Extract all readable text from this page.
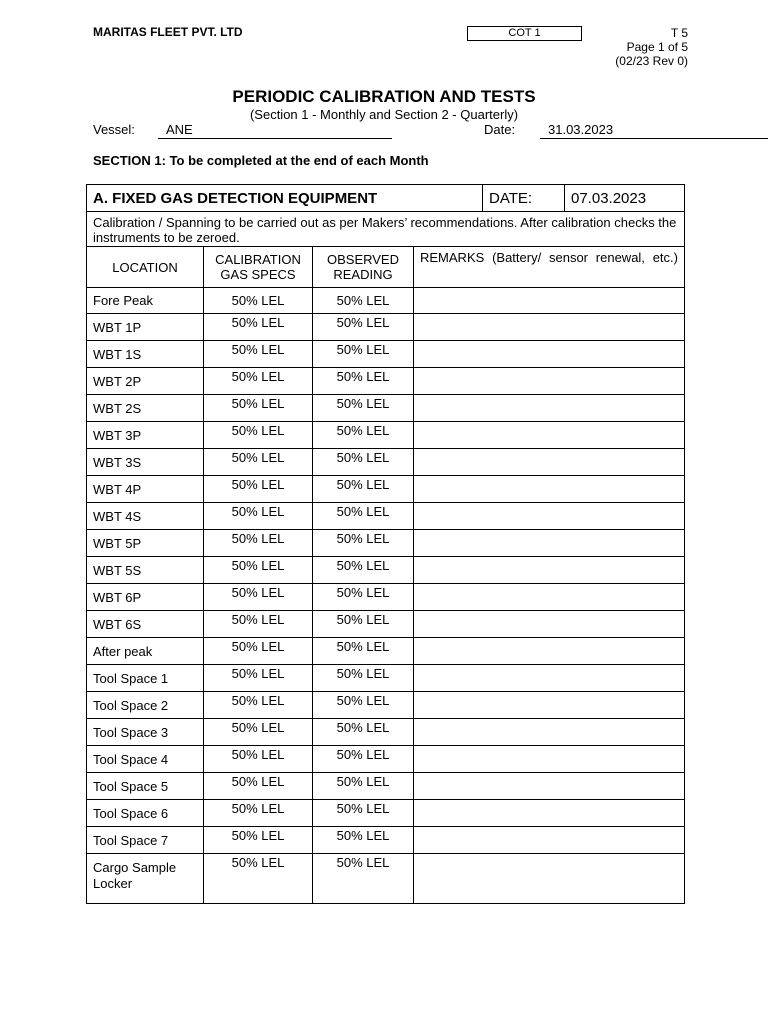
MARITAS FLEET PVT. LTD	COT 1	T 5
Page 1 of 5
(02/23 Rev 0)
PERIODIC CALIBRATION AND TESTS
(Section 1 - Monthly and Section 2 - Quarterly)
Vessel:	ANE	Date:	31.03.2023
SECTION 1: To be completed at the end of each Month
A. FIXED GAS DETECTION EQUIPMENT				DATE:	07.03.2023
Calibration / Spanning to be carried out as per Makers’ recommendations. After calibration checks the instruments to be zeroed.					
LOCATION	CALIBRATION GAS SPECS	OBSERVED READING	REMARKS (Battery/ sensor renewal, etc.)		
Fore Peak	50% LEL	50% LEL			
WBT 1P	50% LEL	50% LEL			
WBT 1S	50% LEL	50% LEL			
WBT 2P	50% LEL	50% LEL			
WBT 2S	50% LEL	50% LEL			
WBT 3P	50% LEL	50% LEL			
WBT 3S	50% LEL	50% LEL			
WBT 4P	50% LEL	50% LEL			
WBT 4S	50% LEL	50% LEL			
WBT 5P	50% LEL	50% LEL			
WBT 5S	50% LEL	50% LEL			
WBT 6P	50% LEL	50% LEL			
WBT 6S	50% LEL	50% LEL			
After peak	50% LEL	50% LEL			
Tool Space 1	50% LEL	50% LEL			
Tool Space 2	50% LEL	50% LEL			
Tool Space 3	50% LEL	50% LEL			
Tool Space 4	50% LEL	50% LEL			
Tool Space 5	50% LEL	50% LEL			
Tool Space 6	50% LEL	50% LEL			
Tool Space 7	50% LEL	50% LEL			
Cargo Sample Locker	50% LEL	50% LEL			
